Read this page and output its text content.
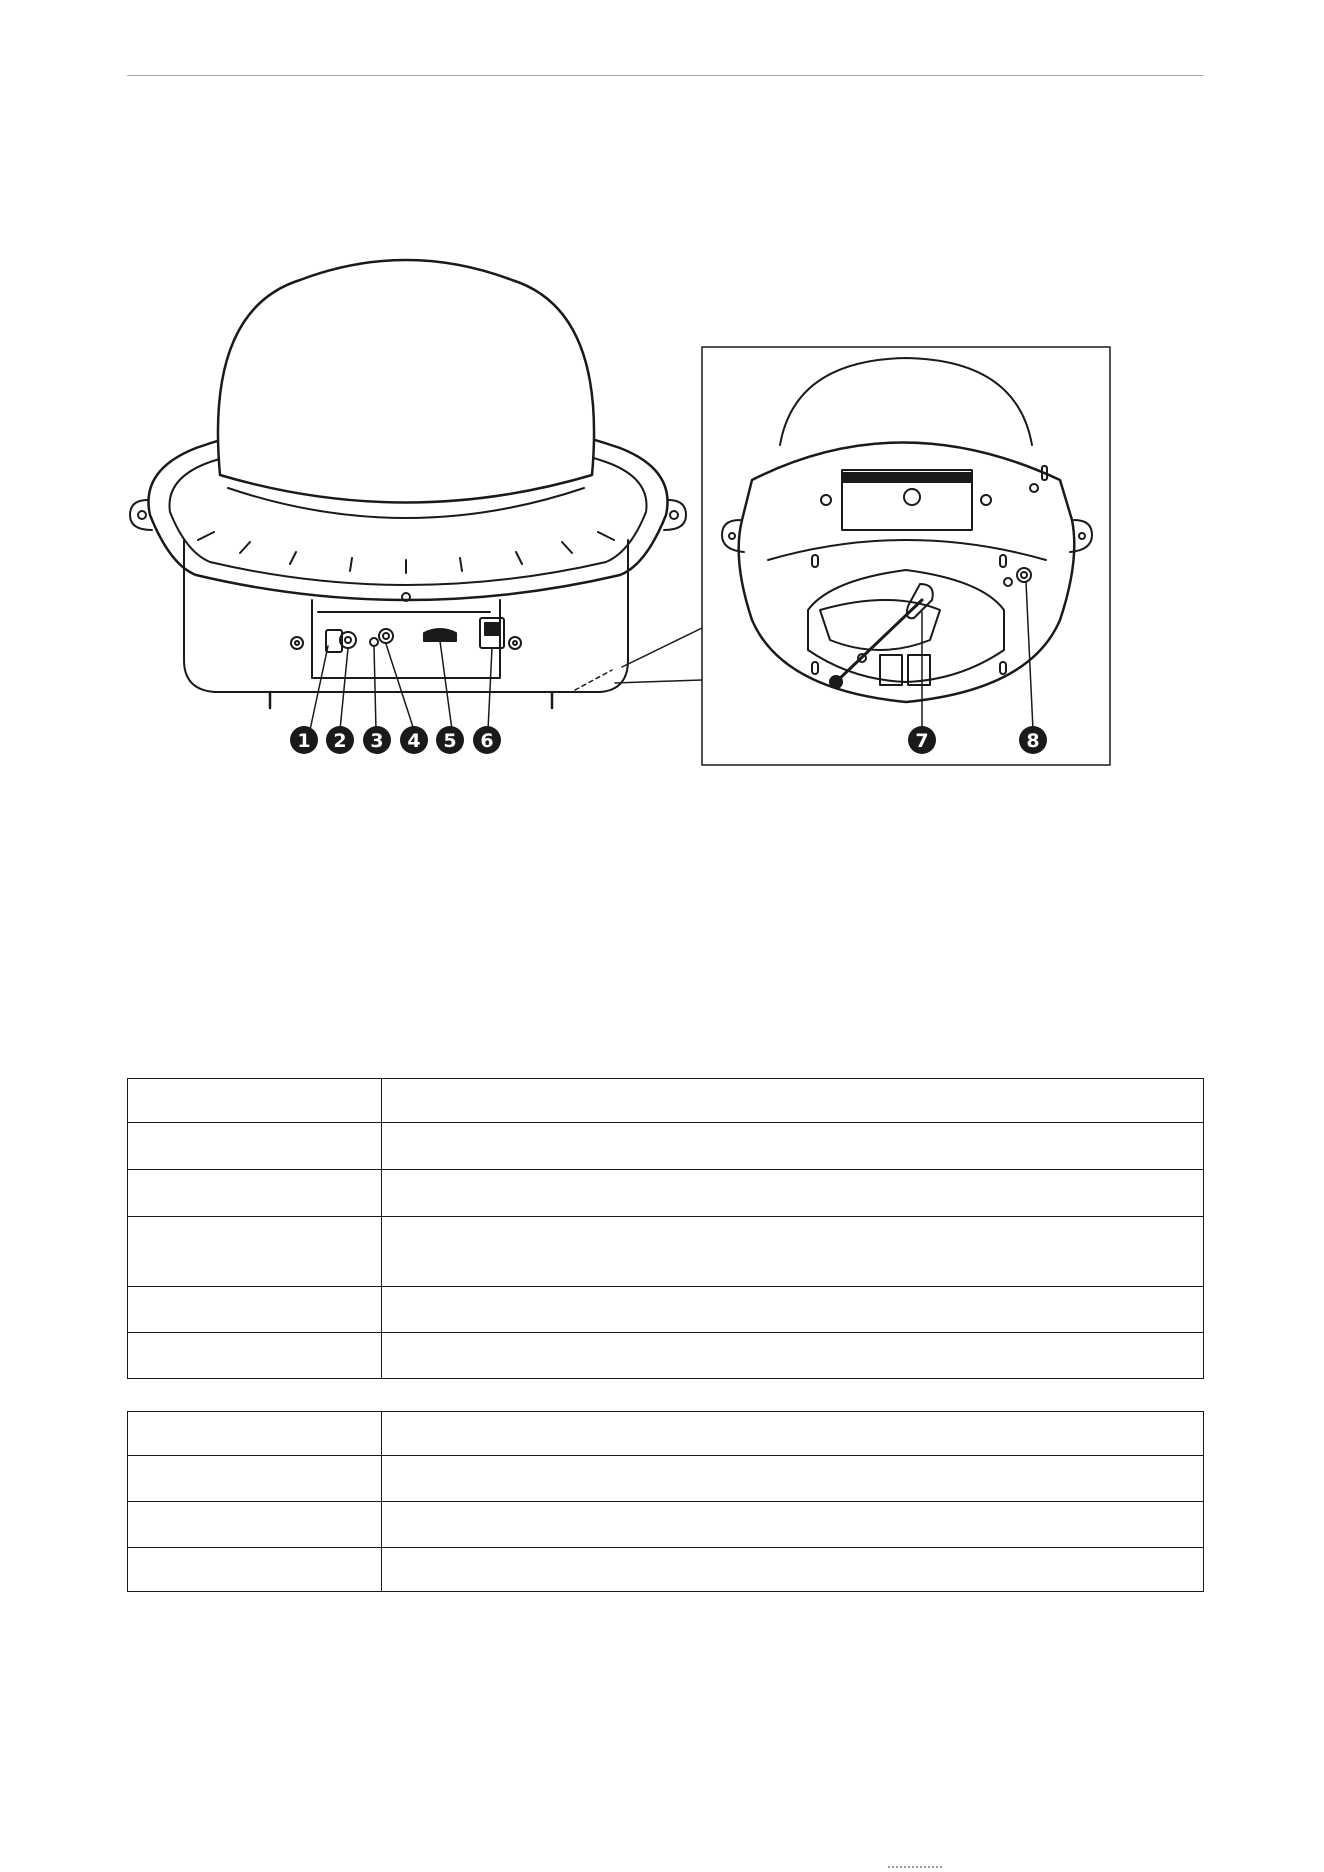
1 2 3 4 5 6	7	8
